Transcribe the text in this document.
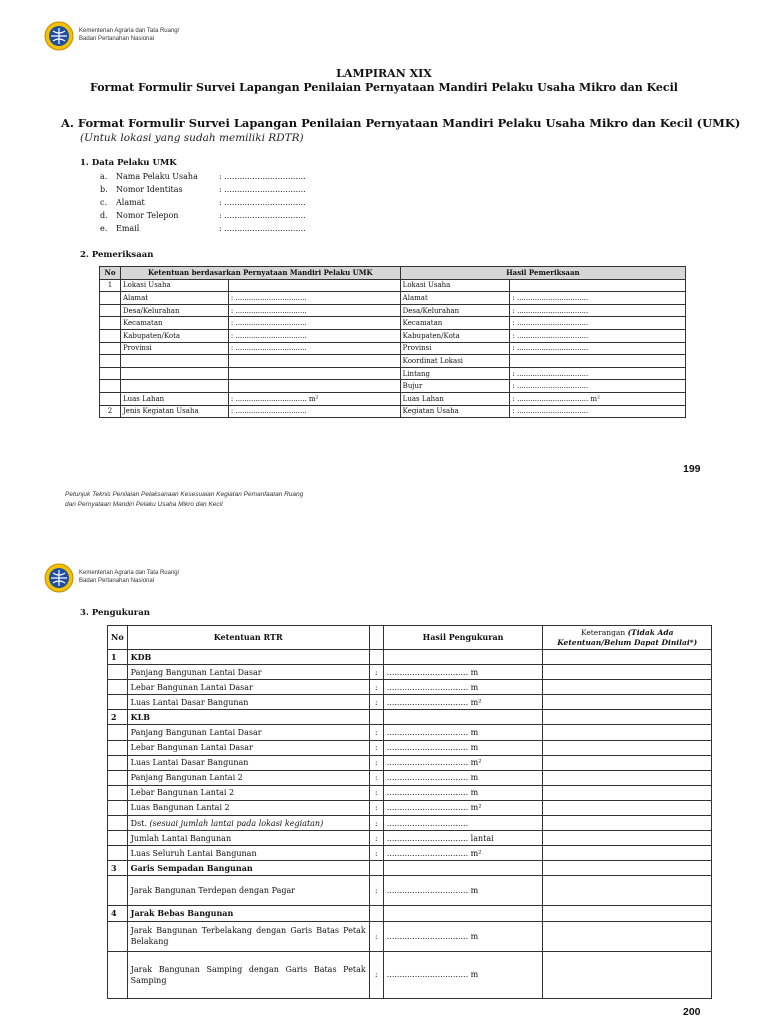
Kementerian Agraria dan Tata Ruang/
Badan Pertanahan Nasional
LAMPIRAN XIX
Format Formulir Survei Lapangan Penilaian Pernyataan Mandiri Pelaku Usaha Mikro dan Kecil
A. Format Formulir Survei Lapangan Penilaian Pernyataan Mandiri Pelaku Usaha Mikro dan Kecil (UMK)
(Untuk lokasi yang sudah memiliki RDTR)
1. Data Pelaku UMK
a. Nama Pelaku Usaha	: ................................
b. Nomor Identitas	: ................................
c. Alamat	: ................................
d. Nomor Telepon	: ................................
e. Email	: ................................
2. Pemeriksaan
No	Ketentuan berdasarkan Pernyataan Mandiri Pelaku UMK		Hasil Pemeriksaan	
1	Lokasi Usaha		Lokasi Usaha	
	Alamat	: ................................	Alamat	: ................................
	Desa/Kelurahan	: ................................	Desa/Kelurahan	: ................................
	Kecamatan	: ................................	Kecamatan	: ................................
	Kabupaten/Kota	: ................................	Kabupaten/Kota	: ................................
	Provinsi	: ................................	Provinsi	: ................................
			Koordinat Lokasi	
			Lintang	: ................................
			Bujur	: ................................
	Luas Lahan	: ................................ m²	Luas Lahan	: ................................ m²
2	Jenis Kegiatan Usaha	: ................................	Kegiatan Usaha	: ................................
199
Petunjuk Teknis Penilaian Pelaksanaan Kesesuaian Kegiatan Pemanfaatan Ruang
dan Pernyataan Mandiri Pelaku Usaha Mikro dan Kecil
Kementerian Agraria dan Tata Ruang/
Badan Pertanahan Nasional
3. Pengukuran
No	Ketentuan RTR		Hasil Pengukuran	Keterangan (Tidak Ada Ketentuan/Belum Dapat Dinilai*)
1	KDB			
	Panjang Bangunan Lantai Dasar	:	................................ m	
	Lebar Bangunan Lantai Dasar	:	................................ m	
	Luas Lantai Dasar Bangunan	:	................................ m²	
2	KLB			
	Panjang Bangunan Lantai Dasar	:	................................ m	
	Lebar Bangunan Lantai Dasar	:	................................ m	
	Luas Lantai Dasar Bangunan	:	................................ m²	
	Panjang Bangunan Lantai 2	:	................................ m	
	Lebar Bangunan Lantai 2	:	................................ m	
	Luas Bangunan Lantai 2	:	................................ m²	
	Dst. (sesuai jumlah lantai pada lokasi kegiatan)	:	................................	
	Jumlah Lantai Bangunan	:	................................ lantai	
	Luas Seluruh Lantai Bangunan	:	................................ m²	
3	Garis Sempadan Bangunan			
	Jarak Bangunan Terdepan dengan Pagar	:	................................ m	
4	Jarak Bebas Bangunan			
	Jarak Bangunan Terbelakang dengan Garis Batas Petak Belakang	:	................................ m	
	Jarak Bangunan Samping dengan Garis Batas Petak Samping	:	................................ m	
200
